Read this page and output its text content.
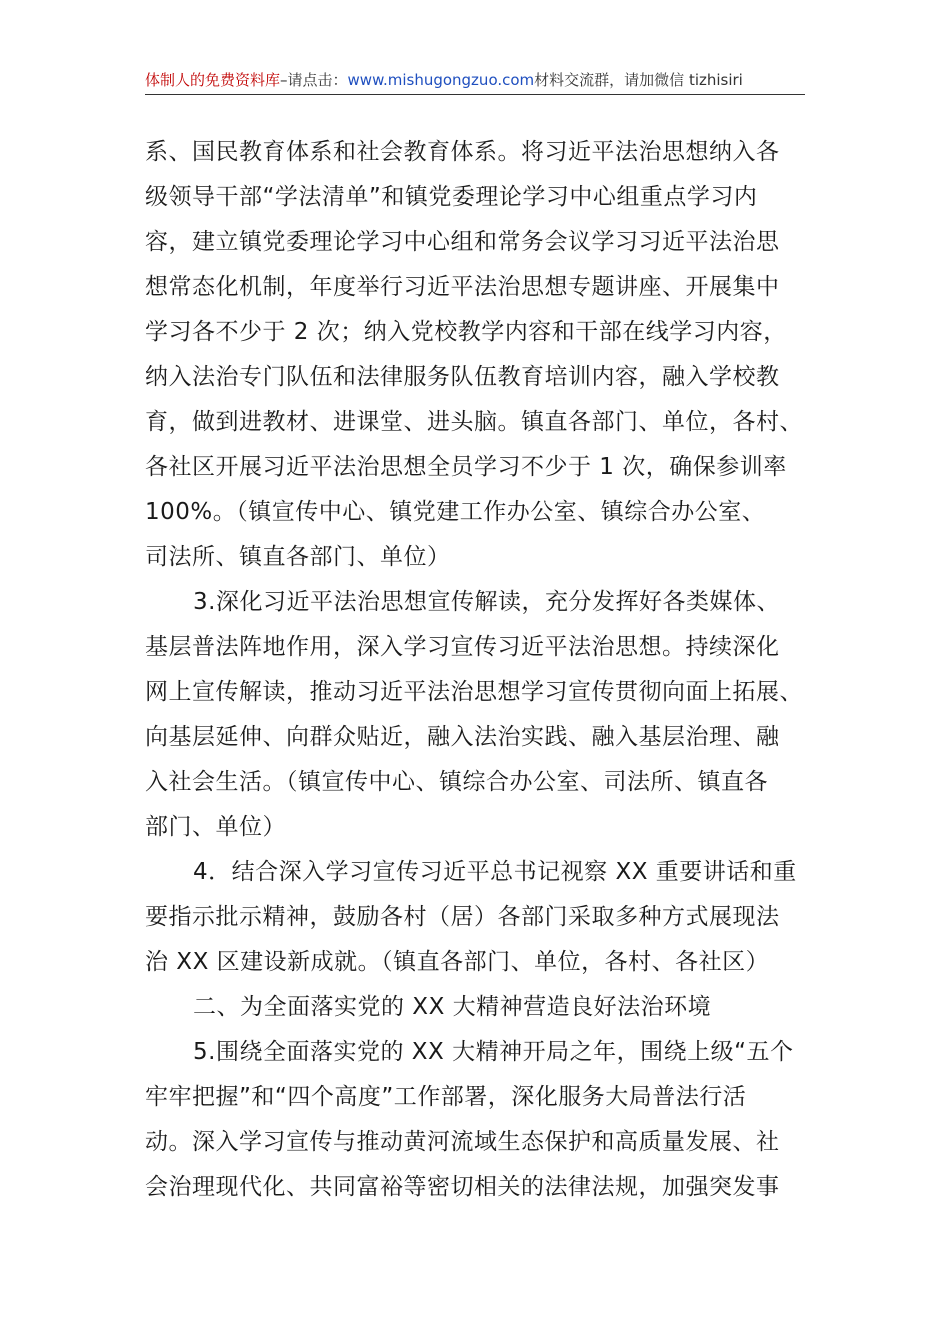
体制人的免费资料库–请点击：www.mishugongzuo.com材料交流群，请加微信 tizhisiri
系、国民教育体系和社会教育体系。将习近平法治思想纳入各
级领导干部“学法清单”和镇党委理论学习中心组重点学习内
容，建立镇党委理论学习中心组和常务会议学习习近平法治思
想常态化机制，年度举行习近平法治思想专题讲座、开展集中
学习各不少于 2 次；纳入党校教学内容和干部在线学习内容，
纳入法治专门队伍和法律服务队伍教育培训内容，融入学校教
育，做到进教材、进课堂、进头脑。镇直各部门、单位，各村、
各社区开展习近平法治思想全员学习不少于 1 次，确保参训率
100%。（镇宣传中心、镇党建工作办公室、镇综合办公室、
司法所、镇直各部门、单位）
3.深化习近平法治思想宣传解读，充分发挥好各类媒体、
基层普法阵地作用，深入学习宣传习近平法治思想。持续深化
网上宣传解读，推动习近平法治思想学习宣传贯彻向面上拓展、
向基层延伸、向群众贴近，融入法治实践、融入基层治理、融
入社会生活。（镇宣传中心、镇综合办公室、司法所、镇直各
部门、单位）
4．结合深入学习宣传习近平总书记视察 XX 重要讲话和重
要指示批示精神，鼓励各村（居）各部门采取多种方式展现法
治 XX 区建设新成就。（镇直各部门、单位，各村、各社区）
二、为全面落实党的 XX 大精神营造良好法治环境
5.围绕全面落实党的 XX 大精神开局之年，围绕上级“五个
牢牢把握”和“四个高度”工作部署，深化服务大局普法行活
动。深入学习宣传与推动黄河流域生态保护和高质量发展、社
会治理现代化、共同富裕等密切相关的法律法规，加强突发事
